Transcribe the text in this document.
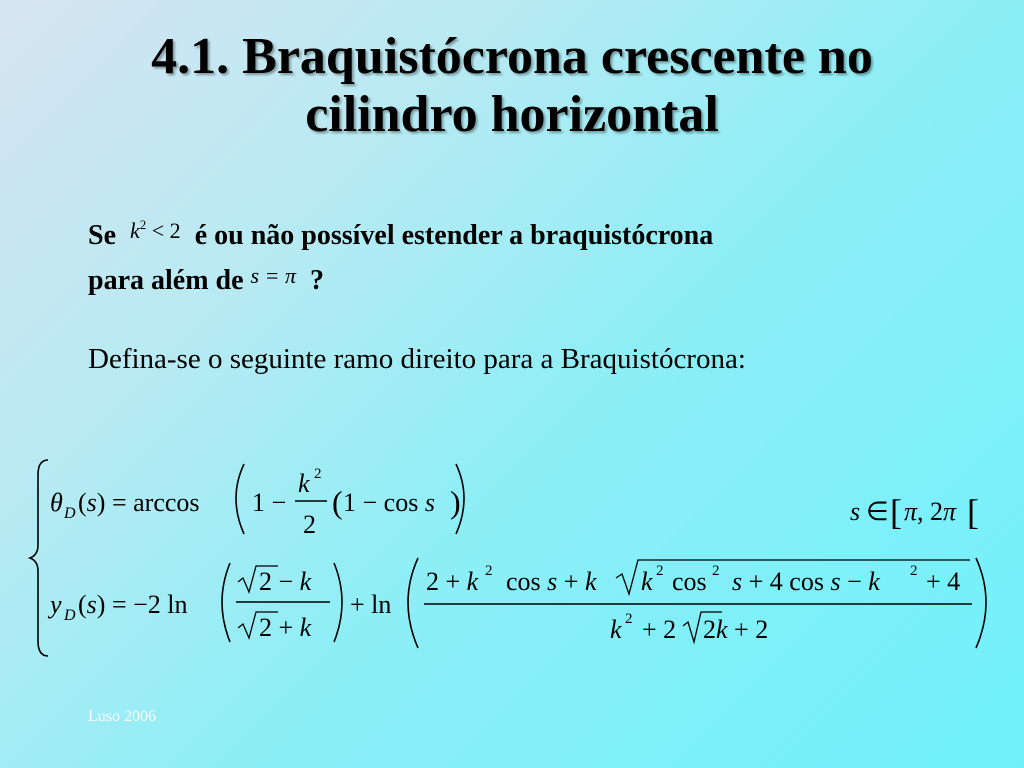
4.1. Braquistócrona crescente no
cilindro horizontal
Se $^{k^2 < 2}$ é ou não possível estender a braquistócrona
para além de $^{s = \pi}$ ?
Defina-se o seguinte ramo direito para a Braquistócrona:
θ D (s) = arccos 1 −
k 2
2
( 1 − cos s )	s ∈ [ π, 2π [
y D (s) = −2 ln
2 − k
2 + k
+ ln
2 + k 2 cos s + k k 2 cos 2 s + 4 cos s − k 2 + 4
k 2 + 2 2k + 2
Luso 2006
